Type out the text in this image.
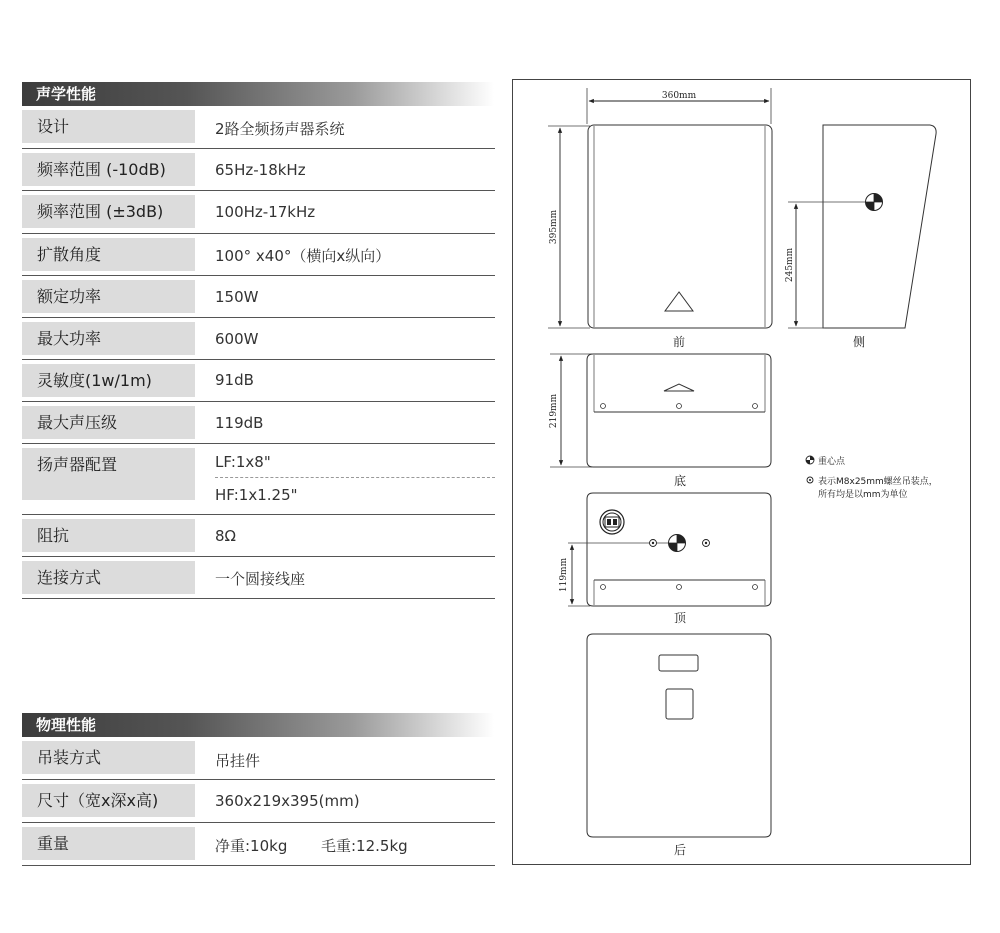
声学性能
设计	2路全频扬声器系统
频率范围 (-10dB)	65Hz-18kHz
频率范围 (±3dB)	100Hz-17kHz
扩散角度	100° x40°（横向x纵向）
额定功率	150W
最大功率	600W
灵敏度(1w/1m)	91dB
最大声压级	119dB
扬声器配置	LF:1x8"
HF:1x1.25"
阻抗	8Ω
连接方式	一个圆接线座
物理性能
吊装方式	吊挂件
尺寸（宽x深x高)	360x219x395(mm)
重量	净重:10kg 毛重:12.5kg
360mm
395mm
前
245mm
侧
219mm
底
重心点
表示M8x25mm螺丝吊装点，
所有均是以mm为单位
119mm
顶
后
